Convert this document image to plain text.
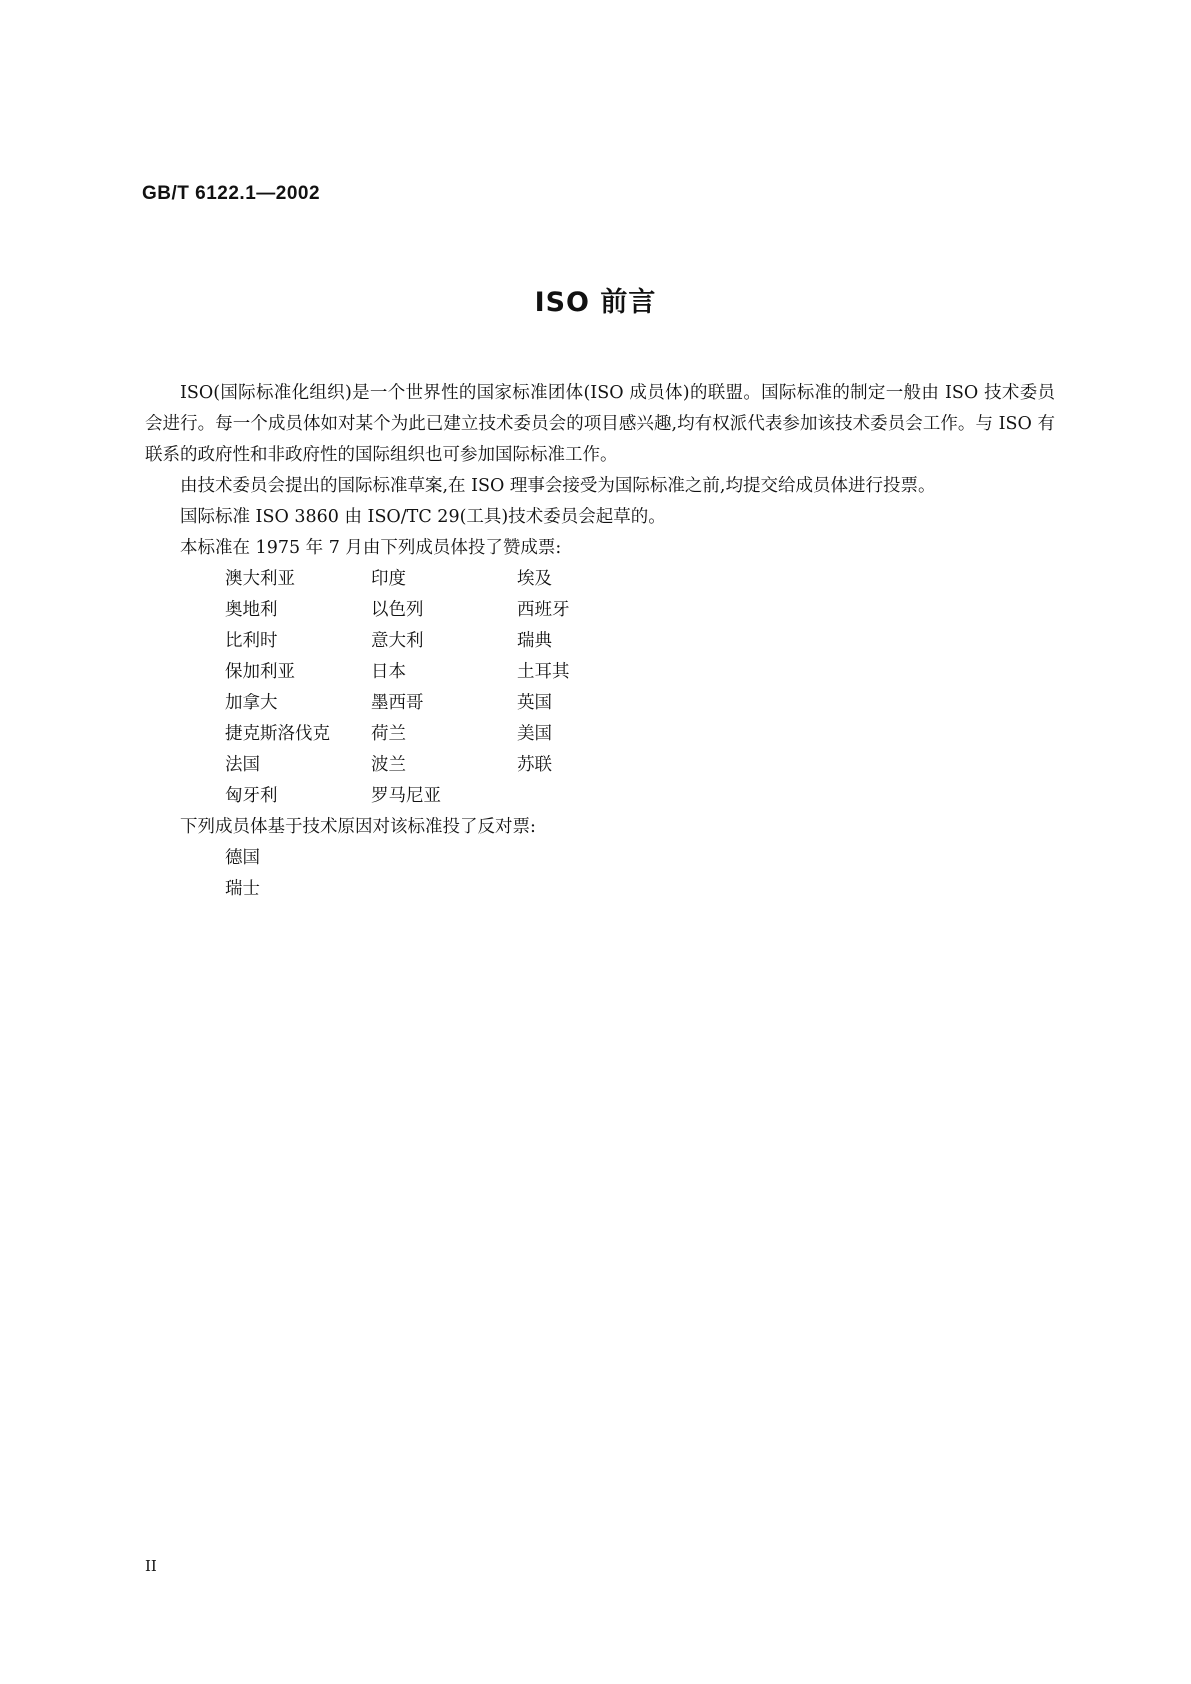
GB/T 6122.1—2002
ISO 前言

ISO(国际标准化组织)是一个世界性的国家标准团体(ISO 成员体)的联盟。国际标准的制定一般由 ISO 技术委员会进行。每一个成员体如对某个为此已建立技术委员会的项目感兴趣,均有权派代表参加该技术委员会工作。与 ISO 有联系的政府性和非政府性的国际组织也可参加国际标准工作。

由技术委员会提出的国际标准草案,在 ISO 理事会接受为国际标准之前,均提交给成员体进行投票。

国际标准 ISO 3860 由 ISO/TC 29(工具)技术委员会起草的。

本标准在 1975 年 7 月由下列成员体投了赞成票:

澳大利亚	印度	埃及
奥地利	以色列	西班牙
比利时	意大利	瑞典
保加利亚	日本	土耳其
加拿大	墨西哥	英国
捷克斯洛伐克	荷兰	美国
法国	波兰	苏联
匈牙利	罗马尼亚

下列成员体基于技术原因对该标准投了反对票:

德国
瑞士
II
